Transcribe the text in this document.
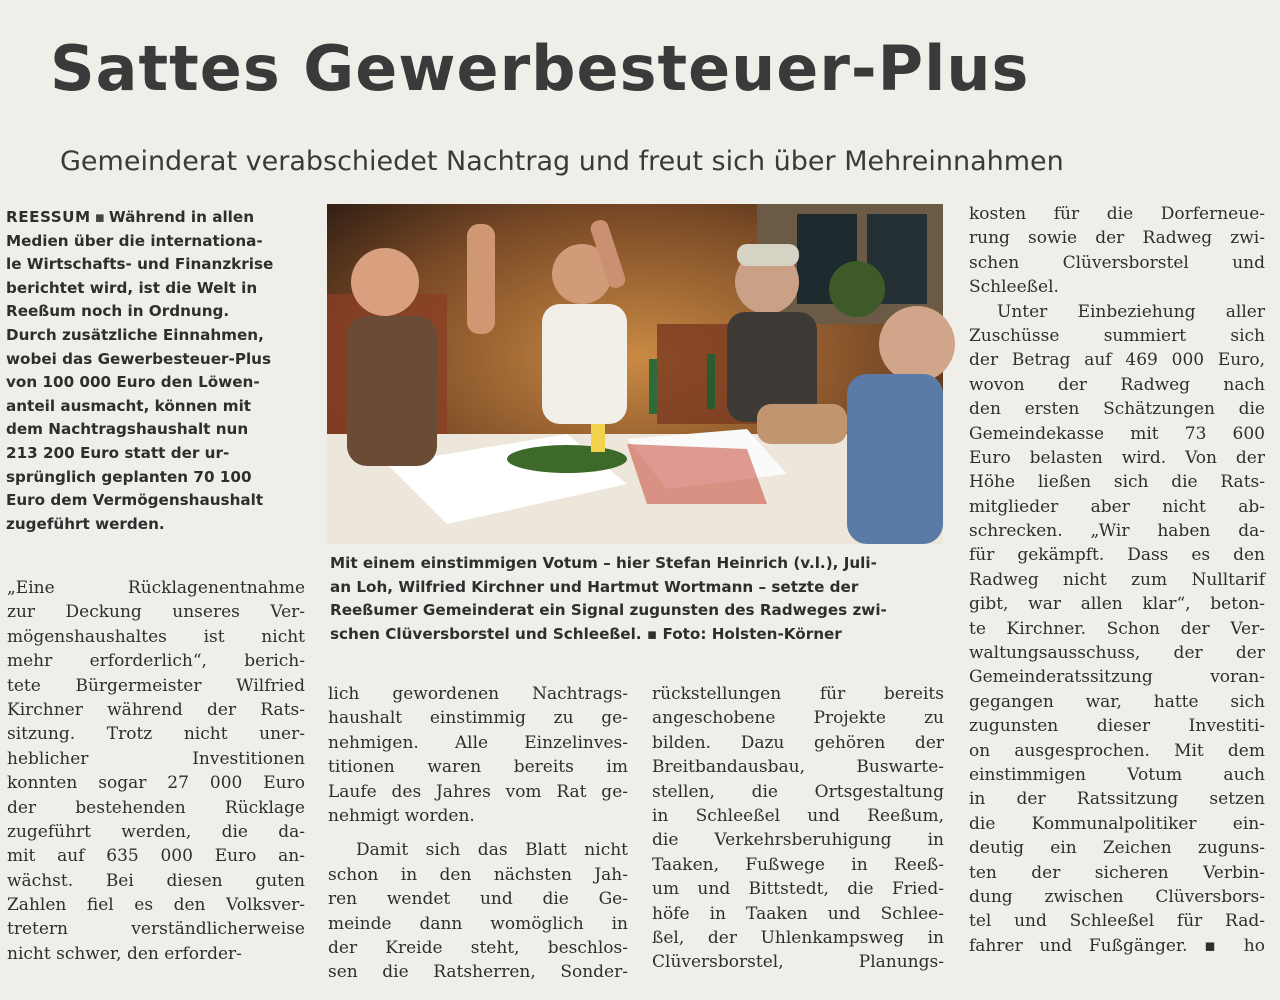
Sattes Gewerbesteuer-Plus
Gemeinderat verabschiedet Nachtrag und freut sich über Mehreinnahmen
REESSUM ▪ Während in allen
Medien über die internationa-
le Wirtschafts- und Finanzkrise
berichtet wird, ist die Welt in
Reeßum noch in Ordnung.
Durch zusätzliche Einnahmen,
wobei das Gewerbesteuer-Plus
von 100 000 Euro den Löwen-
anteil ausmacht, können mit
dem Nachtragshaushalt nun
213 200 Euro statt der ur-
sprünglich geplanten 70 100
Euro dem Vermögenshaushalt
zugeführt werden.
Mit einem einstimmigen Votum – hier Stefan Heinrich (v.l.), Juli-
an Loh, Wilfried Kirchner und Hartmut Wortmann – setzte der
Reeßumer Gemeinderat ein Signal zugunsten des Radweges zwi-
schen Clüversborstel und Schleeßel. ▪ Foto: Holsten-Körner
„Eine Rücklagenentnahme
zur Deckung unseres Ver-
mögenshaushaltes ist nicht
mehr erforderlich“, berich-
tete Bürgermeister Wilfried
Kirchner während der Rats-
sitzung. Trotz nicht uner-
heblicher Investitionen
konnten sogar 27 000 Euro
der bestehenden Rücklage
zugeführt werden, die da-
mit auf 635 000 Euro an-
wächst. Bei diesen guten
Zahlen fiel es den Volksver-
tretern verständlicherweise
nicht schwer, den erforder-
lich gewordenen Nachtrags-
haushalt einstimmig zu ge-
nehmigen. Alle Einzelinves-
titionen waren bereits im
Laufe des Jahres vom Rat ge-
nehmigt worden.
Damit sich das Blatt nicht
schon in den nächsten Jah-
ren wendet und die Ge-
meinde dann womöglich in
der Kreide steht, beschlos-
sen die Ratsherren, Sonder-
rückstellungen für bereits
angeschobene Projekte zu
bilden. Dazu gehören der
Breitbandausbau, Buswarte-
stellen, die Ortsgestaltung
in Schleeßel und Reeßum,
die Verkehrsberuhigung in
Taaken, Fußwege in Reeß-
um und Bittstedt, die Fried-
höfe in Taaken und Schlee-
ßel, der Uhlenkampsweg in
Clüversborstel, Planungs-
kosten für die Dorferneue-
rung sowie der Radweg zwi-
schen Clüversborstel und
Schleeßel.
Unter Einbeziehung aller
Zuschüsse summiert sich
der Betrag auf 469 000 Euro,
wovon der Radweg nach
den ersten Schätzungen die
Gemeindekasse mit 73 600
Euro belasten wird. Von der
Höhe ließen sich die Rats-
mitglieder aber nicht ab-
schrecken. „Wir haben da-
für gekämpft. Dass es den
Radweg nicht zum Nulltarif
gibt, war allen klar“, beton-
te Kirchner. Schon der Ver-
waltungsausschuss, der der
Gemeinderatssitzung voran-
gegangen war, hatte sich
zugunsten dieser Investiti-
on ausgesprochen. Mit dem
einstimmigen Votum auch
in der Ratssitzung setzen
die Kommunalpolitiker ein-
deutig ein Zeichen zuguns-
ten der sicheren Verbin-
dung zwischen Clüversbors-
tel und Schleeßel für Rad-
fahrer und Fußgänger. ▪ ho
